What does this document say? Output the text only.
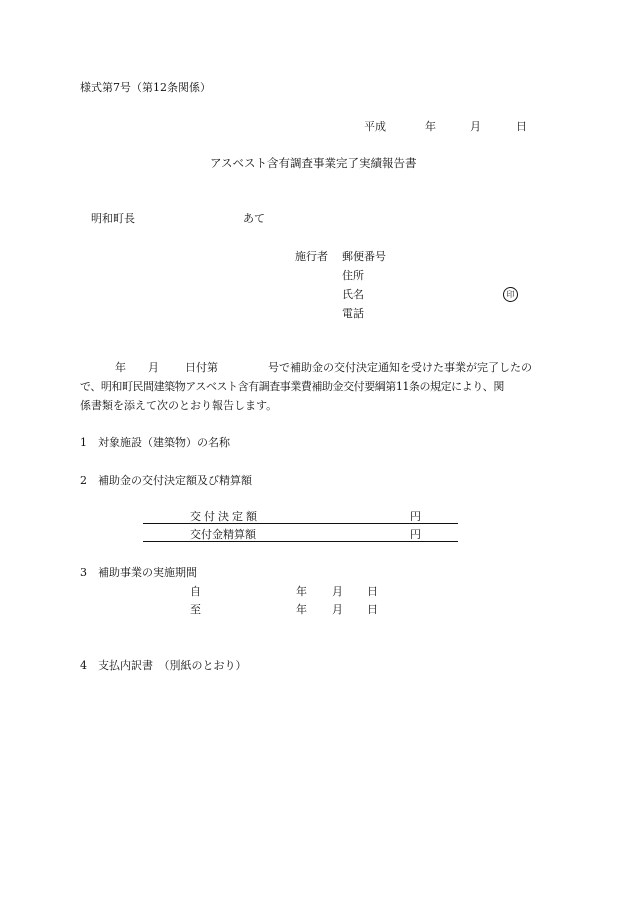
様式第7号（第12条関係）

平成	年	月	日

アスベスト含有調査事業完了実績報告書

明和町長	あて

施行者 郵便番号

住所

氏名	印

電話

年 月 日付第	号で補助金の交付決定通知を受けた事業が完了したの

で、明和町民間建築物アスベスト含有調査事業費補助金交付要綱第11条の規定により、関

係書類を添えて次のとおり報告します。

1　対象施設（建築物）の名称

2　補助金の交付決定額及び精算額

交付決定額	円

交付金精算額	円

3　補助事業の実施期間

自	年 月 日

至	年 月 日

4　支払内訳書　（別紙のとおり）
